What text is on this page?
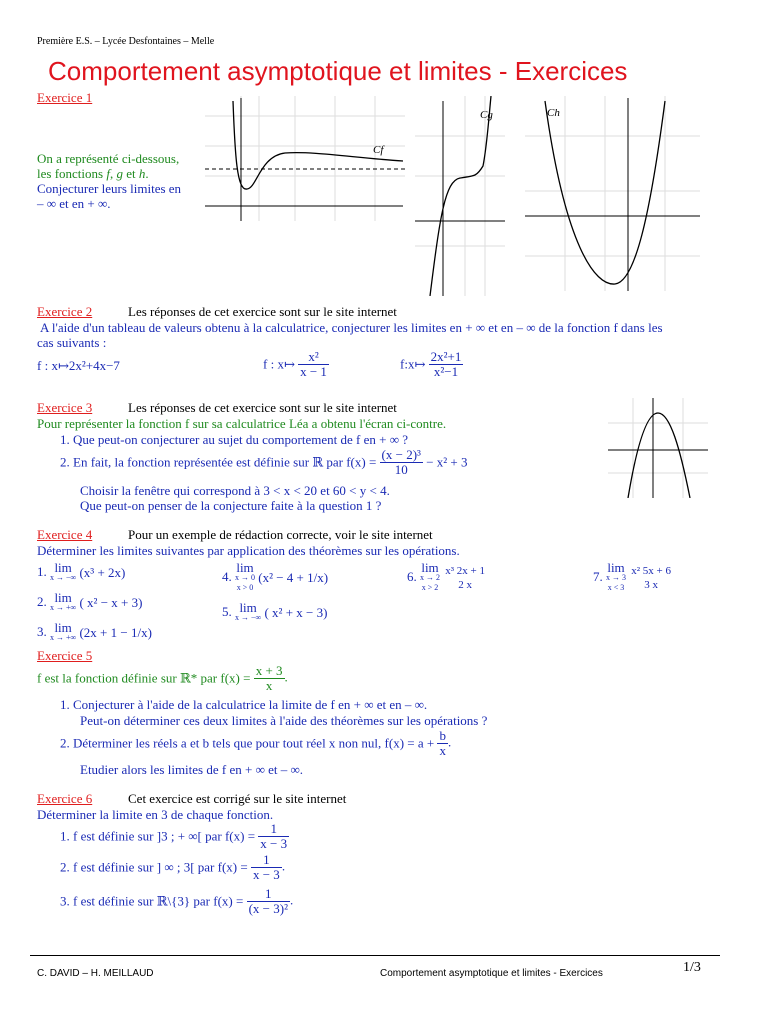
Première E.S. – Lycée Desfontaines – Melle
Comportement asymptotique et limites - Exercices
Exercice 1
On a représenté ci-dessous,
les fonctions f, g et h.
Conjecturer leurs limites en
– ∞ et en + ∞.
Cf
Cg	Ch
Exercice 2	Les réponses de cet exercice sont sur le site internet
A l'aide d'un tableau de valeurs obtenu à la calculatrice, conjecturer les limites en + ∞ et en – ∞ de la fonction f dans les
cas suivants :
f : x↦2x²+4x−7	f : x↦ $\frac{\text{x²}}{x - 1}$	f:x↦ $\frac{\text{2x²+1}}{\text{x²−1}}$
Exercice 3	Les réponses de cet exercice sont sur le site internet
Pour représenter la fonction f sur sa calculatrice Léa a obtenu l'écran ci-contre.
1. Que peut-on conjecturer au sujet du comportement de f en + ∞ ?
2. En fait, la fonction représentée est définie sur ℝ par $f(x) = \frac{\text{(x − 2)³}}{10} - x^2 + 3$
Choisir la fenêtre qui correspond à 3 < x < 20 et 60 < y < 4.
Que peut-on penser de la conjecture faite à la question 1 ?
Exercice 4	Pour un exemple de rédaction correcte, voir le site internet
Déterminer les limites suivantes par application des théorèmes sur les opérations.
1. lim
x → −∞ (x³ + 2x)
2. lim
x → +∞ ( x² − x + 3)
3. lim
x → +∞ (2x + 1 − 1/x)
4. lim
x → 0
x > 0
(x² − 4 + 1/x)
5. lim
x → −∞ ( x² + x − 3)
6. lim
x → 2
x > 2

x³ 2x + 1
2 x
7. lim
x → 3
x < 3

x² 5x + 6
3 x
Exercice 5
f est la fonction définie sur ℝ* par $f(x) = \frac{x + 3}{x}$ .
1. Conjecturer à l'aide de la calculatrice la limite de f en + ∞ et en – ∞.
Peut-on déterminer ces deux limites à l'aide des théorèmes sur les opérations ?
2. Déterminer les réels a et b tels que pour tout réel x non nul, $f(x) = a + \frac{b}{x}$ .
Etudier alors les limites de f en + ∞ et – ∞.
Exercice 6	Cet exercice est corrigé sur le site internet
Déterminer la limite en 3 de chaque fonction.
1. f est définie sur ]3 ; + ∞[ par $f(x) = \frac{1}{x - 3}$
2. f est définie sur ] ∞ ; 3[ par $f(x) = \frac{1}{x - 3}$ .
3. f est définie sur ℝ\{3} par $f(x) = \frac{1}{\text{(x − 3)²}}$ .
C. DAVID – H. MEILLAUD	Comportement asymptotique et limites - Exercices	1/3
